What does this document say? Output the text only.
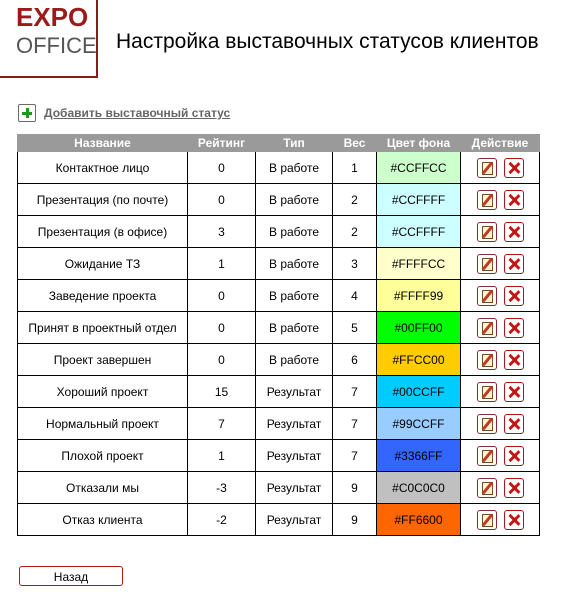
EXPO
OFFICE Настройка выставочных статусов клиентов
Добавить выставочный статус
Название	Рейтинг	Тип	Вес	Цвет фона	Действие
Контактное лицо	0	В работе	1	#CCFFCC	

Презентация (по почте)	0	В работе	2	#CCFFFF	

Презентация (в офисе)	3	В работе	2	#CCFFFF	

Ожидание ТЗ	1	В работе	3	#FFFFCC	

Заведение проекта	0	В работе	4	#FFFF99	

Принят в проектный отдел	0	В работе	5	#00FF00	

Проект завершен	0	В работе	6	#FFCC00	

Хороший проект	15	Результат	7	#00CCFF	

Нормальный проект	7	Результат	7	#99CCFF	

Плохой проект	1	Результат	7	#3366FF	

Отказали мы	-3	Результат	9	#C0C0C0	

Отказ клиента	-2	Результат	9	#FF6600	
Назад
